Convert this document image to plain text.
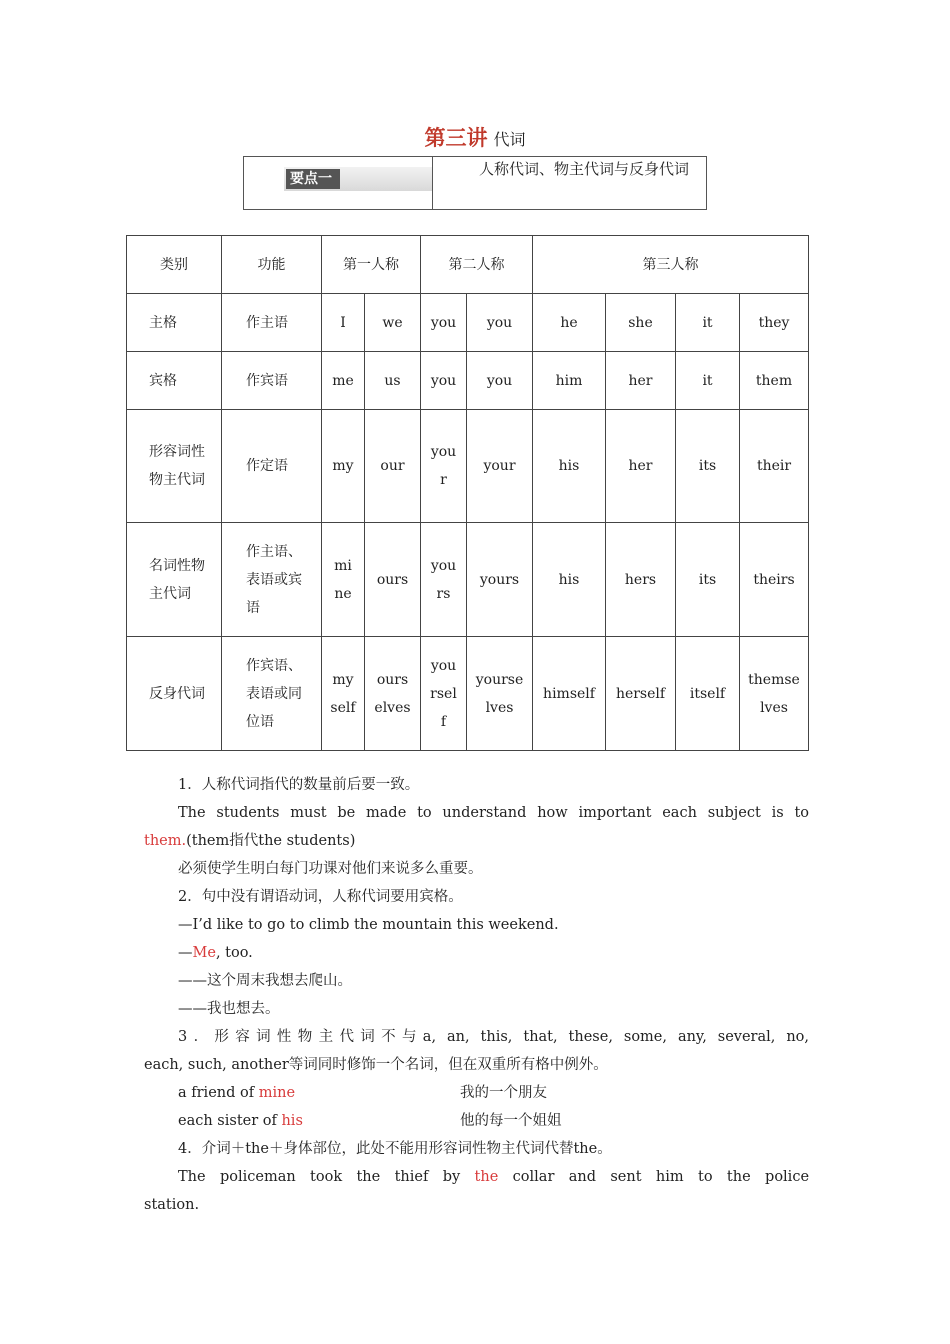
第三讲 代词
要点一
人称代词、物主代词与反身代词
类别	功能	第一人称		第二人称		第三人称			
主格	作主语	I	we	you	you	he	she	it	they
宾格	作宾语	me	us	you	you	him	her	it	them
形容词性物主代词	作定语	my	our	your	your	his	her	its	their
名词性物主代词	作主语、表语或宾语	mine	ours	yours	yours	his	hers	its	theirs
反身代词	作宾语、表语或同位语	myself	ourselves	yourself	yourselves	himself	herself	itself	themselves
1．人称代词指代的数量前后要一致。
The students must be made to understand how important each subject is to
them.(them指代the students)
必须使学生明白每门功课对他们来说多么重要。
2．句中没有谓语动词，人称代词要用宾格。
—I’d like to go to climb the mountain this weekend.
—Me, too.
——这个周末我想去爬山。
——我也想去。
3．形容词性物主代词不与a, an, this, that, these, some, any, several, no,
each, such, another等词同时修饰一个名词，但在双重所有格中例外。
a friend of mine	我的一个朋友
each sister of his	他的每一个姐姐
4．介词＋the＋身体部位，此处不能用形容词性物主代词代替the。
The policeman took the thief by the collar and sent him to the police
station.
